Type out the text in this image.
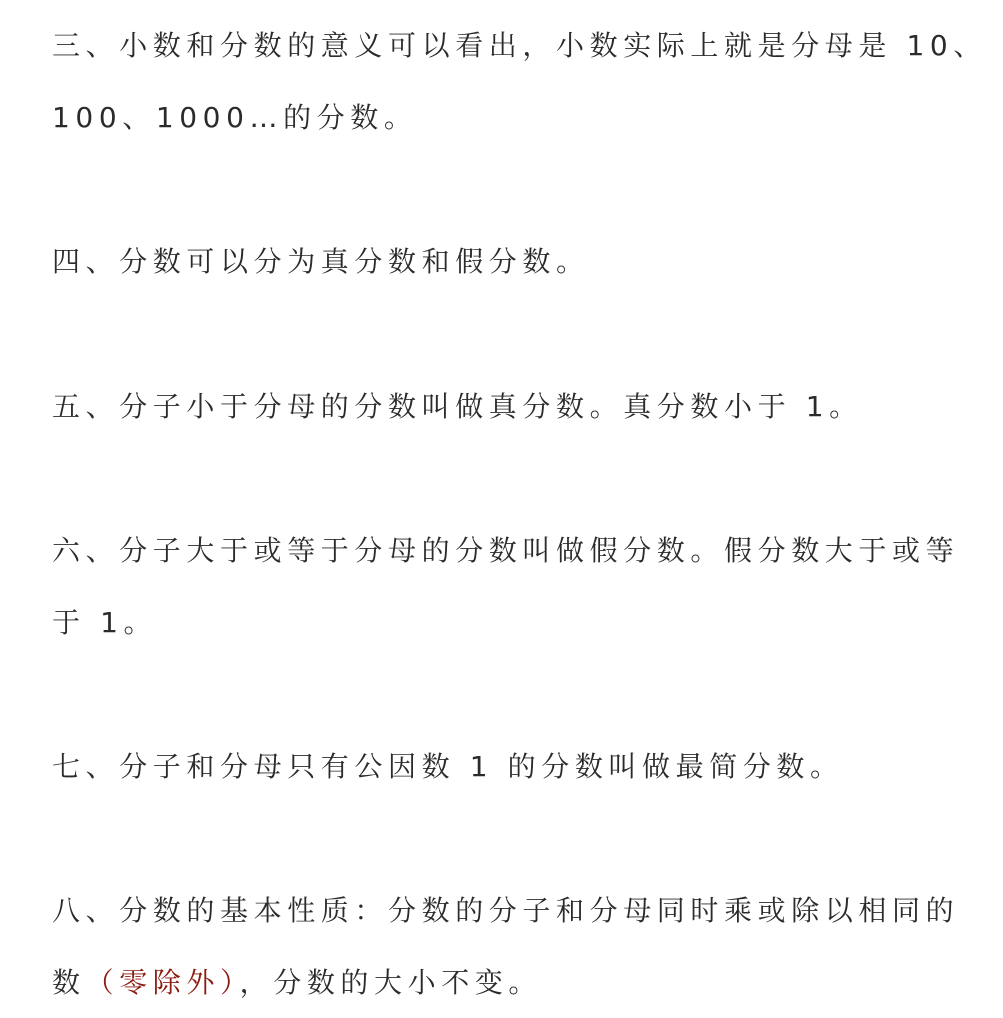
三、小数和分数的意义可以看出，小数实际上就是分母是 10、

100、1000…的分数。

四、分数可以分为真分数和假分数。

五、分子小于分母的分数叫做真分数。真分数小于 1。

六、分子大于或等于分母的分数叫做假分数。假分数大于或等

于 1。

七、分子和分母只有公因数 1 的分数叫做最简分数。

八、分数的基本性质：分数的分子和分母同时乘或除以相同的

数（零除外），分数的大小不变。
